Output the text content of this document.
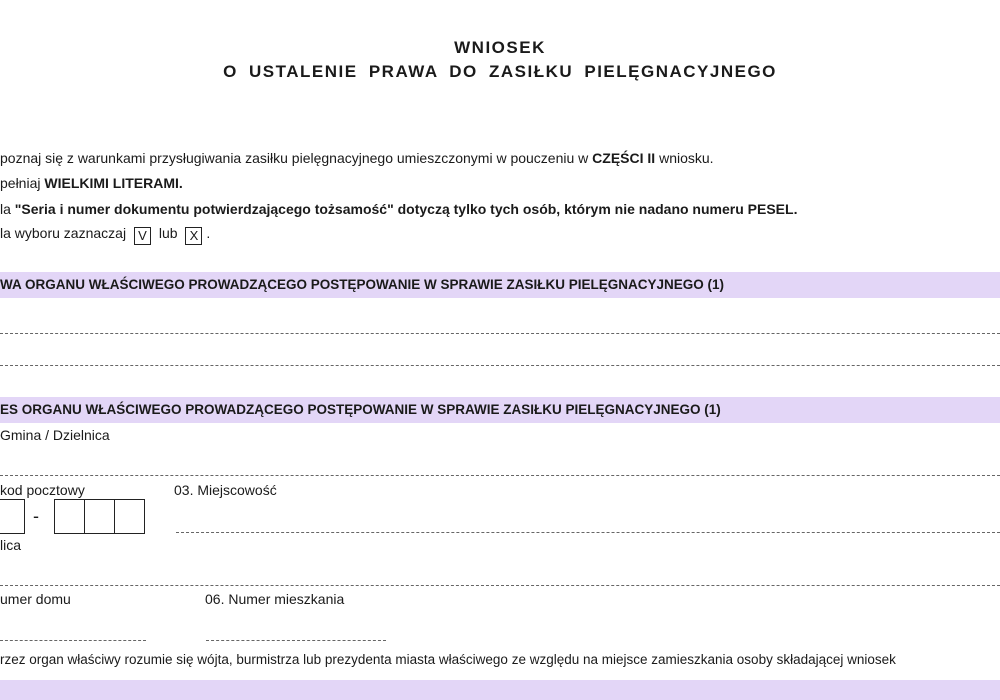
WNIOSEK
O USTALENIE PRAWA DO ZASIŁKU PIELĘGNACYJNEGO
poznaj się z warunkami przysługiwania zasiłku pielęgnacyjnego umieszczonymi w pouczeniu w CZĘŚCI II wniosku.
pełniaj WIELKIMI LITERAMI.
la "Seria i numer dokumentu potwierdzającego tożsamość" dotyczą tylko tych osób, którym nie nadano numeru PESEL.
la wyboru zaznaczaj V lub X .
WA ORGANU WŁAŚCIWEGO PROWADZĄCEGO POSTĘPOWANIE W SPRAWIE ZASIŁKU PIELĘGNACYJNEGO (1)
ES ORGANU WŁAŚCIWEGO PROWADZĄCEGO POSTĘPOWANIE W SPRAWIE ZASIŁKU PIELĘGNACYJNEGO (1)
Gmina / Dzielnica
kod pocztowy
-
03. Miejscowość
lica
umer domu	06. Numer mieszkania
rzez organ właściwy rozumie się wójta, burmistrza lub prezydenta miasta właściwego ze względu na miejsce zamieszkania osoby składającej wniosek
